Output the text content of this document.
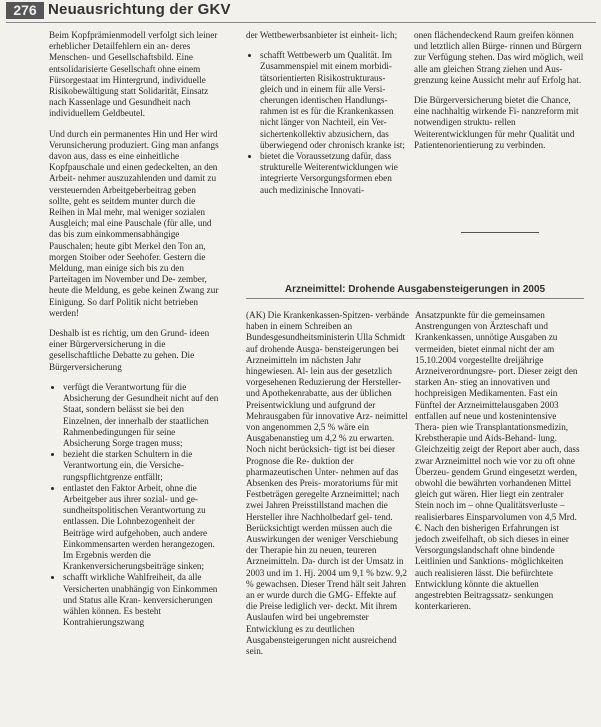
276 Neuausrichtung der GKV

Beim Kopfprämienmodell verfolgt sich leiner erheblicher Detailfehlern ein an- deres Menschen- und Gesellschaftsbild. Eine entsolidarisierte Gesellschaft ohne einem Fürsorgestaat im Hintergrund, individuelle Risikobewältigung statt Solidarität, Einsatz nach Kassenlage und Gesundheit nach individuellem Geldbeutel.

Und durch ein permanentes Hin und Her wird Verunsicherung produziert. Ging man anfangs davon aus, dass es eine einheitliche Kopfpauschale und einen gedeckelten, an den Arbeit- nehmer auszuzahlenden und damit zu versteuernden Arbeitgeberbeitrag geben sollte, geht es seitdem munter durch die Reihen in Mal mehr, mal weniger sozialen Ausgleich; mal eine Pauschale (für alle, und das bis zum einkommensabhängige Pauschalen; heute gibt Merkel den Ton an, morgen Stoiber oder Seehofer. Gestern die Meldung, man einige sich bis zu den Parteitagen im November und De- zember, heute die Meldung, es gebe keinen Zwang zur Einigung. So darf Politik nicht betrieben werden!

Deshalb ist es richtig, um den Grund- ideen einer Bürgerversicherung in die gesellschaftliche Debatte zu gehen. Die Bürgerversicherung

• verfügt die Verantwortung für die Absicherung der Gesundheit nicht auf den Staat, sondern belässt sie bei den Einzelnen, der innerhalb der staatlichen Rahmenbedingungen für seine Absicherung Sorge tragen muss;
• bezieht die starken Schultern in die Verantwortung ein, die Versiche- rungspflichtgrenze entfällt;
• entlastet den Faktor Arbeit, ohne die Arbeitgeber aus ihrer sozial- und ge- sundheitspolitischen Verantwortung zu entlassen. Die Lohnbezogenheit der Beiträge wird aufgehoben, auch andere Einkommensarten werden herangezogen. Im Ergebnis werden die Krankenversicherungsbeiträge sinken;
• schafft wirkliche Wahlfreiheit, da alle Versicherten unabhängig von Einkommen und Status alle Kran- kenversicherungen wählen können. Es besteht Kontrahierungszwang

der Wettbewerbsanbieter ist einheit- lich;

• schafft Wettbewerb um Qualität. Im Zusammenspiel mit einem morbidi- tätsorientierten Risikostrukturaus- gleich und in einem für alle Versi- cherungen identischen Handlungs- rahmen ist es für die Krankenkassen nicht länger von Nachteil, ein Ver- sichertenkollektiv abzusichern, das überwiegend oder chronisch kranke ist;
• bietet die Voraussetzung dafür, dass strukturelle Weiterentwicklungen wie integrierte Versorgungsformen eben auch medizinische Innovati-

onen flächendeckend Raum greifen können und letztlich allen Bürge- rinnen und Bürgern zur Verfügung stehen. Das wird möglich, weil alle am gleichen Strang ziehen und Aus- grenzung keine Aussicht mehr auf Erfolg hat.

Die Bürgerversicherung bietet die Chance, eine nachhaltig wirkende Fi- nanzreform mit notwendigen struktu- rellen Weiterentwicklungen für mehr Qualität und Patientenorientierung zu verbinden.

Arzneimittel: Drohende Ausgabensteigerungen in 2005

(AK) Die Krankenkassen-Spitzen- verbände haben in einem Schreiben an Bundesgesundheitsministerin Ulla Schmidt auf drohende Ausga- bensteigerungen bei Arzneimitteln im nächsten Jahr hingewiesen. Al- lein aus der gesetzlich vorgesehenen Reduzierung der Hersteller- und Apothekenrabatte, aus der üblichen Preisentwicklung und aufgrund der Mehrausgaben für innovative Arz- neimittel von angenommen 2,5 % wäre ein Ausgabenanstieg um 4,2 % zu erwarten. Noch nicht berücksich- tigt ist bei dieser Prognose die Re- duktion der pharmazeutischen Unter- nehmen auf das Absenken des Preis- moratoriums für mit Festbeträgen geregelte Arzneimittel; nach zwei Jahren Preisstillstand machen die Hersteller ihre Nachholbedarf gel- tend. Berücksichtigt werden müssen auch die Auswirkungen der weniger Verschiebung der Therapie hin zu neuen, teureren Arzneimitteln. Da- durch ist der Umsatz in 2003 und im 1. Hj. 2004 um 9,1 % bzw. 9,2 % gewachsen. Dieser Trend hält seit Jahren an er wurde durch die GMG- Effekte auf die Preise lediglich ver- deckt. Mit ihrem Auslaufen wird bei ungebremster Entwicklung es zu deutlichen Ausgabensteigerungen nicht ausreichend sein.

Ansatzpunkte für die gemeinsamen Anstrengungen von Ärzteschaft und Krankenkassen, unnötige Ausgaben zu vermeiden, bietet einmal nicht der am 15.10.2004 vorgestellte dreijährige Arzneiverordnungsre- port. Dieser zeigt den starken An- stieg an innovativen und hochpreisigen Medikamenten. Fast ein Fünftel der Arzneimittelausgaben 2003 entfallen auf neue und kostenintensive Thera- pien wie Transplantationsmedizin, Krebstherapie und Aids-Behand- lung. Gleichzeitig zeigt der Report aber auch, dass zwar Arzneimittel noch wie vor zu oft ohne Überzeu- gendem Grund eingesetzt werden, obwohl die bewährten vorhandenen Mittel gleich gut wären. Hier liegt ein zentraler Stein noch im – ohne Qualitätsverluste – realisierbares Einsparvolumen von 4,5 Mrd. €. Nach den bisherigen Erfahrungen ist jedoch zweifelhaft, ob sich dieses in einer Versorgungslandschaft ohne bindende Leitlinien und Sanktions- möglichkeiten auch realisieren lässt. Die befürchtete Entwicklung könnte die aktuellen angestrebten Beitragssatz- senkungen konterkarieren.
